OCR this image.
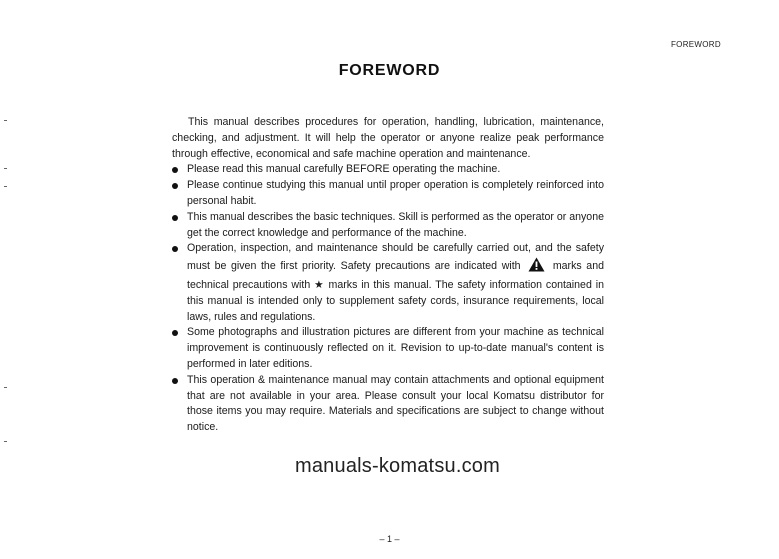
FOREWORD
FOREWORD

This manual describes procedures for operation, handling, lubrication, maintenance, checking, and adjustment. It will help the operator or anyone realize peak performance through effective, economical and safe machine operation and maintenance.

Please read this manual carefully BEFORE operating the machine.
Please continue studying this manual until proper operation is completely reinforced into personal habit.
This manual describes the basic techniques. Skill is performed as the operator or anyone get the correct knowledge and performance of the machine.
Operation, inspection, and maintenance should be carefully carried out, and the safety must be given the first priority. Safety precautions are indicated with	marks and technical precautions with ★ marks in this manual. The safety information contained in this manual is intended only to supplement safety cords, insurance requirements, local laws, rules and regulations.
Some photographs and illustration pictures are different from your machine as technical improvement is continuously reflected on it. Revision to up-to-date manual's content is performed in later editions.
This operation & maintenance manual may contain attachments and optional equipment that are not available in your area. Please consult your local Komatsu distributor for those items you may require. Materials and specifications are subject to change without notice.
manuals-komatsu.com
– 1 –
